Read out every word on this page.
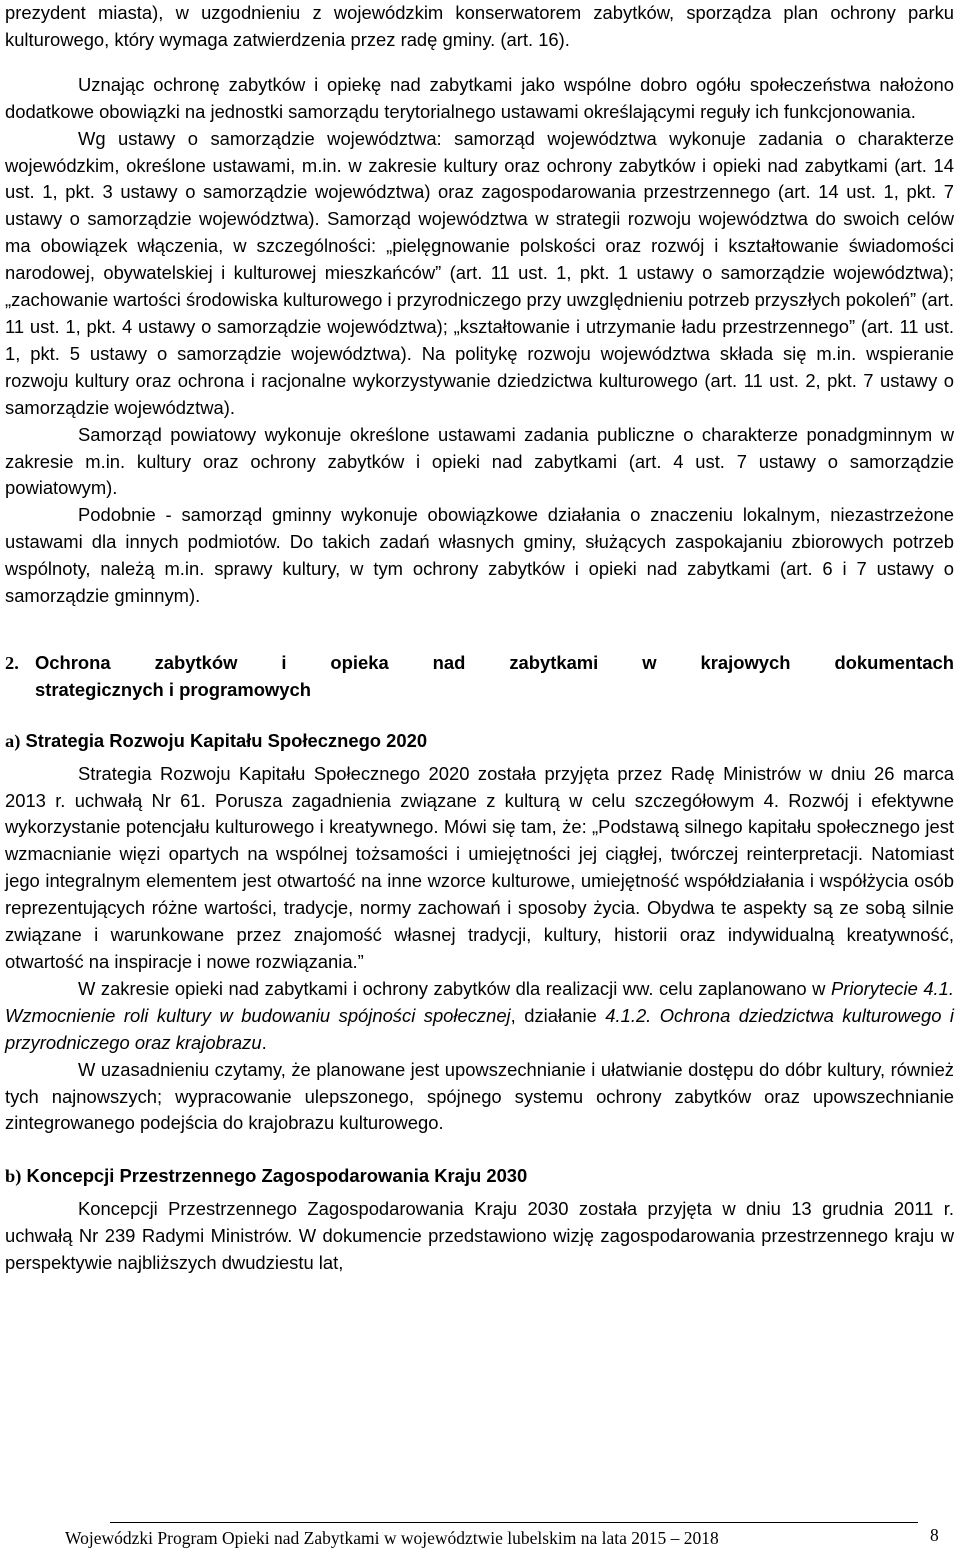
prezydent miasta), w uzgodnieniu z wojewódzkim konserwatorem zabytków, sporządza plan ochrony parku kulturowego, który wymaga zatwierdzenia przez radę gminy. (art. 16).

Uznając ochronę zabytków i opiekę nad zabytkami jako wspólne dobro ogółu społeczeństwa nałożono dodatkowe obowiązki na jednostki samorządu terytorialnego ustawami określającymi reguły ich funkcjonowania.

Wg ustawy o samorządzie województwa: samorząd województwa wykonuje zadania o charakterze wojewódzkim, określone ustawami, m.in. w zakresie kultury oraz ochrony zabytków i opieki nad zabytkami (art. 14 ust. 1, pkt. 3 ustawy o samorządzie województwa) oraz zagospodarowania przestrzennego (art. 14 ust. 1, pkt. 7 ustawy o samorządzie województwa). Samorząd województwa w strategii rozwoju województwa do swoich celów ma obowiązek włączenia, w szczególności: „pielęgnowanie polskości oraz rozwój i kształtowanie świadomości narodowej, obywatelskiej i kulturowej mieszkańców” (art. 11 ust. 1, pkt. 1 ustawy o samorządzie województwa); „zachowanie wartości środowiska kulturowego i przyrodniczego przy uwzględnieniu potrzeb przyszłych pokoleń” (art. 11 ust. 1, pkt. 4 ustawy o samorządzie województwa); „kształtowanie i utrzymanie ładu przestrzennego” (art. 11 ust. 1, pkt. 5 ustawy o samorządzie województwa). Na politykę rozwoju województwa składa się m.in. wspieranie rozwoju kultury oraz ochrona i racjonalne wykorzystywanie dziedzictwa kulturowego (art. 11 ust. 2, pkt. 7 ustawy o samorządzie województwa).

Samorząd powiatowy wykonuje określone ustawami zadania publiczne o charakterze ponadgminnym w zakresie m.in. kultury oraz ochrony zabytków i opieki nad zabytkami (art. 4 ust. 7 ustawy o samorządzie powiatowym).

Podobnie - samorząd gminny wykonuje obowiązkowe działania o znaczeniu lokalnym, niezastrzeżone ustawami dla innych podmiotów. Do takich zadań własnych gminy, służących zaspokajaniu zbiorowych potrzeb wspólnoty, należą m.in. sprawy kultury, w tym ochrony zabytków i opieki nad zabytkami (art. 6 i 7 ustawy o samorządzie gminnym).

2. Ochrona zabytków i opieka nad zabytkami w krajowych dokumentach
strategicznych i programowych

a) Strategia Rozwoju Kapitału Społecznego 2020

Strategia Rozwoju Kapitału Społecznego 2020 została przyjęta przez Radę Ministrów w dniu 26 marca 2013 r. uchwałą Nr 61. Porusza zagadnienia związane z kulturą w celu szczegółowym 4. Rozwój i efektywne wykorzystanie potencjału kulturowego i kreatywnego. Mówi się tam, że: „Podstawą silnego kapitału społecznego jest wzmacnianie więzi opartych na wspólnej tożsamości i umiejętności jej ciągłej, twórczej reinterpretacji. Natomiast jego integralnym elementem jest otwartość na inne wzorce kulturowe, umiejętność współdziałania i współżycia osób reprezentujących różne wartości, tradycje, normy zachowań i sposoby życia. Obydwa te aspekty są ze sobą silnie związane i warunkowane przez znajomość własnej tradycji, kultury, historii oraz indywidualną kreatywność, otwartość na inspiracje i nowe rozwiązania.”

W zakresie opieki nad zabytkami i ochrony zabytków dla realizacji ww. celu zaplanowano w Priorytecie 4.1. Wzmocnienie roli kultury w budowaniu spójności społecznej, działanie 4.1.2. Ochrona dziedzictwa kulturowego i przyrodniczego oraz krajobrazu.

W uzasadnieniu czytamy, że planowane jest upowszechnianie i ułatwianie dostępu do dóbr kultury, również tych najnowszych; wypracowanie ulepszonego, spójnego systemu ochrony zabytków oraz upowszechnianie zintegrowanego podejścia do krajobrazu kulturowego.

b) Koncepcji Przestrzennego Zagospodarowania Kraju 2030

Koncepcji Przestrzennego Zagospodarowania Kraju 2030 została przyjęta w dniu 13 grudnia 2011 r. uchwałą Nr 239 Radymi Ministrów. W dokumencie przedstawiono wizję zagospodarowania przestrzennego kraju w perspektywie najbliższych dwudziestu lat,

Wojewódzki Program Opieki nad Zabytkami w województwie lubelskim na lata 2015 – 2018	8
